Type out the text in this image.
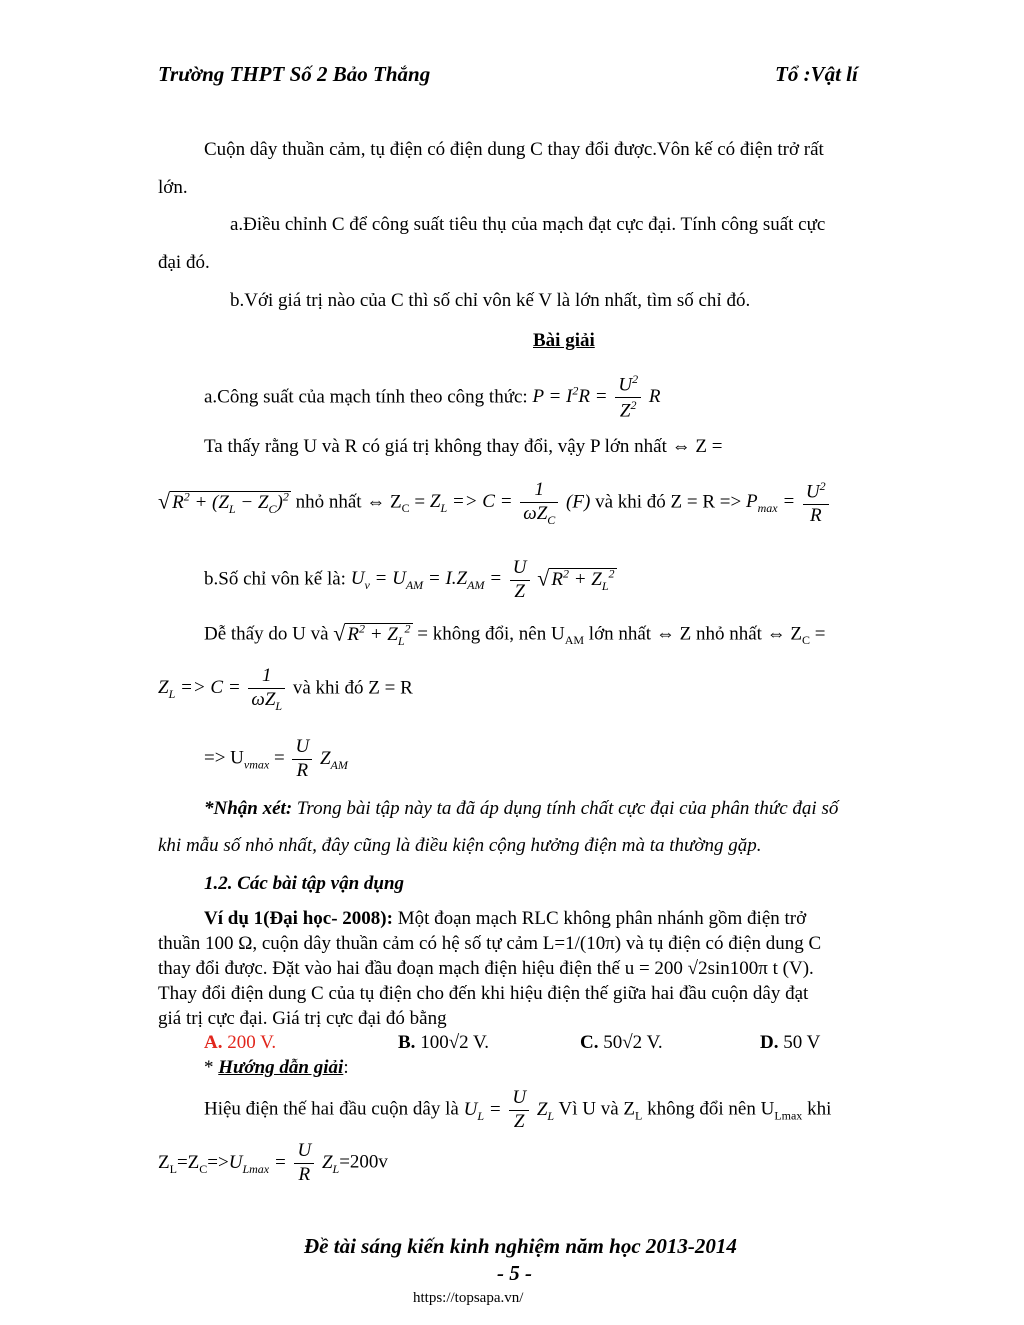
Trường THPT Số 2 Bảo Thắng	Tổ :Vật lí
Cuộn dây thuần cảm, tụ điện có điện dung C thay đổi được.Vôn kế có điện trở rất
lớn.
a.Điều chỉnh C để công suất tiêu thụ của mạch đạt cực đại. Tính công suất cực
đại đó.
b.Với giá trị nào của C thì số chỉ vôn kế V là lớn nhất, tìm số chỉ đó.
Bài giải
a.Công suất của mạch tính theo công thức: $P = I^2R = \frac{U^2}{Z^2}$ R
Ta thấy rằng U và R có giá trị không thay đổi, vậy P lớn nhất ⇔ Z =
√ $R^2 + (Z_L - Z_C)^2$ nhỏ nhất ⇔ $Z_C = Z_L => C = \frac{1}{\omega Z_C} (F)$ và khi đó $Z = R => P_{max} = \frac{U^2}{R}$
b.Số chỉ vôn kế là: $U_v = U_{AM} = I.Z_{AM} = \frac{U}{Z}$ √ $R^2 + Z_L^2$
Dễ thấy do U và √ $R^2 + Z_L^2$ = không đổi, nên $U_{AM}$ lớn nhất ⇔ Z nhỏ nhất ⇔ $Z_C$ =
$Z_L => C = \frac{1}{\omega Z_L}$ và khi đó Z = R
=> $U_{vmax} = \frac{U}{R} Z_{AM}$
*Nhận xét: Trong bài tập này ta đã áp dụng tính chất cực đại của phân thức đại số
khi mẫu số nhỏ nhất, đây cũng là điều kiện cộng hưởng điện mà ta thường gặp.
1.2. Các bài tập vận dụng
Ví dụ 1(Đại học- 2008): Một đoạn mạch RLC không phân nhánh gồm điện trở
thuần 100 Ω, cuộn dây thuần cảm có hệ số tự cảm L=1/(10π) và tụ điện có điện dung C
thay đổi được. Đặt vào hai đầu đoạn mạch điện hiệu điện thế u = 200 √2sin100π t (V).
Thay đổi điện dung C của tụ điện cho đến khi hiệu điện thế giữa hai đầu cuộn dây đạt
giá trị cực đại. Giá trị cực đại đó bằng
A. 200 V.	B. 100√2 V.	C. 50√2 V.	D. 50 V
* Hướng dẫn giải:
Hiệu điện thế hai đầu cuộn dây là $U_L = \frac{U}{Z} Z_L$ Vì U và $Z_L$ không đổi nên $U_{Lmax}$ khi
$Z_L=Z_C=>U_{Lmax} = \frac{U}{R} Z_L=200v$
Đề tài sáng kiến kinh nghiệm năm học 2013-2014
- 5 -
https://topsapa.vn/
